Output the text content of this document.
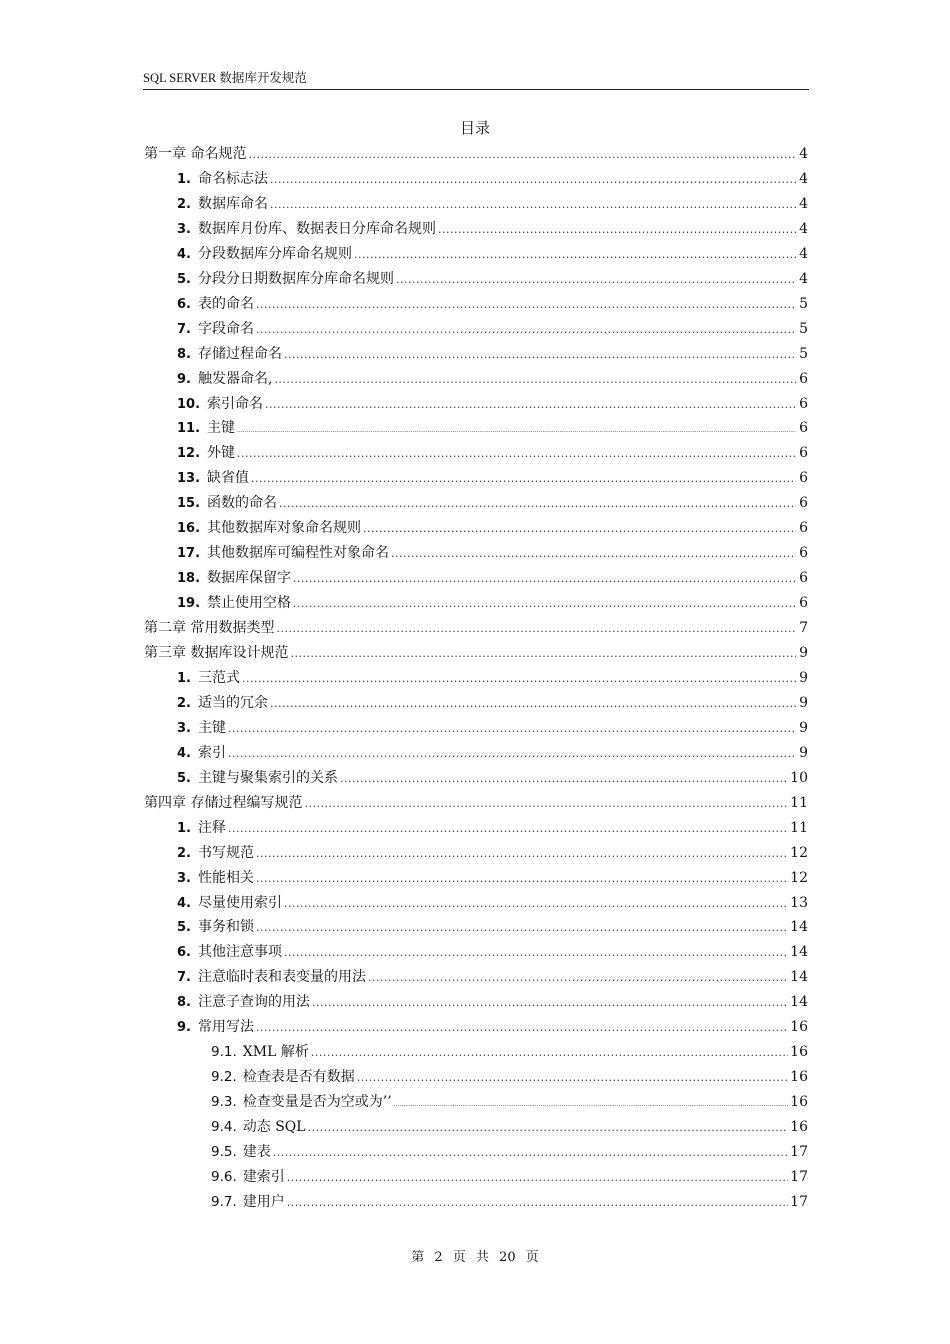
SQL SERVER 数据库开发规范
目录
第一章 命名规范 .....	4
1. 命名标志法 .....	4
2. 数据库命名 .....	4
3. 数据库月份库、数据表日分库命名规则 .....	4
4. 分段数据库分库命名规则 .....	4
5. 分段分日期数据库分库命名规则 .....	4
6. 表的命名 .....	5
7. 字段命名 .....	5
8. 存储过程命名 .....	5
9. 触发器命名, .....	6
10. 索引命名 .....	6
11. 主键 .....	6
12. 外键 .....	6
13. 缺省值 .....	6
15. 函数的命名 .....	6
16. 其他数据库对象命名规则 .....	6
17. 其他数据库可编程性对象命名 .....	6
18. 数据库保留字 .....	6
19. 禁止使用空格 .....	6
第二章 常用数据类型 .....	7
第三章 数据库设计规范 .....	9
1. 三范式 .....	9
2. 适当的冗余 .....	9
3. 主键 .....	9
4. 索引 .....	9
5. 主键与聚集索引的关系 .....	10
第四章 存储过程编写规范 .....	11
1. 注释 .....	11
2. 书写规范 .....	12
3. 性能相关 .....	12
4. 尽量使用索引 .....	13
5. 事务和锁 .....	14
6. 其他注意事项 .....	14
7. 注意临时表和表变量的用法 .....	14
8. 注意子查询的用法 .....	14
9. 常用写法 .....	16
9.1. XML 解析 .....	16
9.2. 检查表是否有数据 .....	16
9.3. 检查变量是否为空或为’’ .....	16
9.4. 动态 SQL .....	16
9.5. 建表 .....	17
9.6. 建索引 .....	17
9.7. 建用户 .....	17
第 2 页 共 20 页
